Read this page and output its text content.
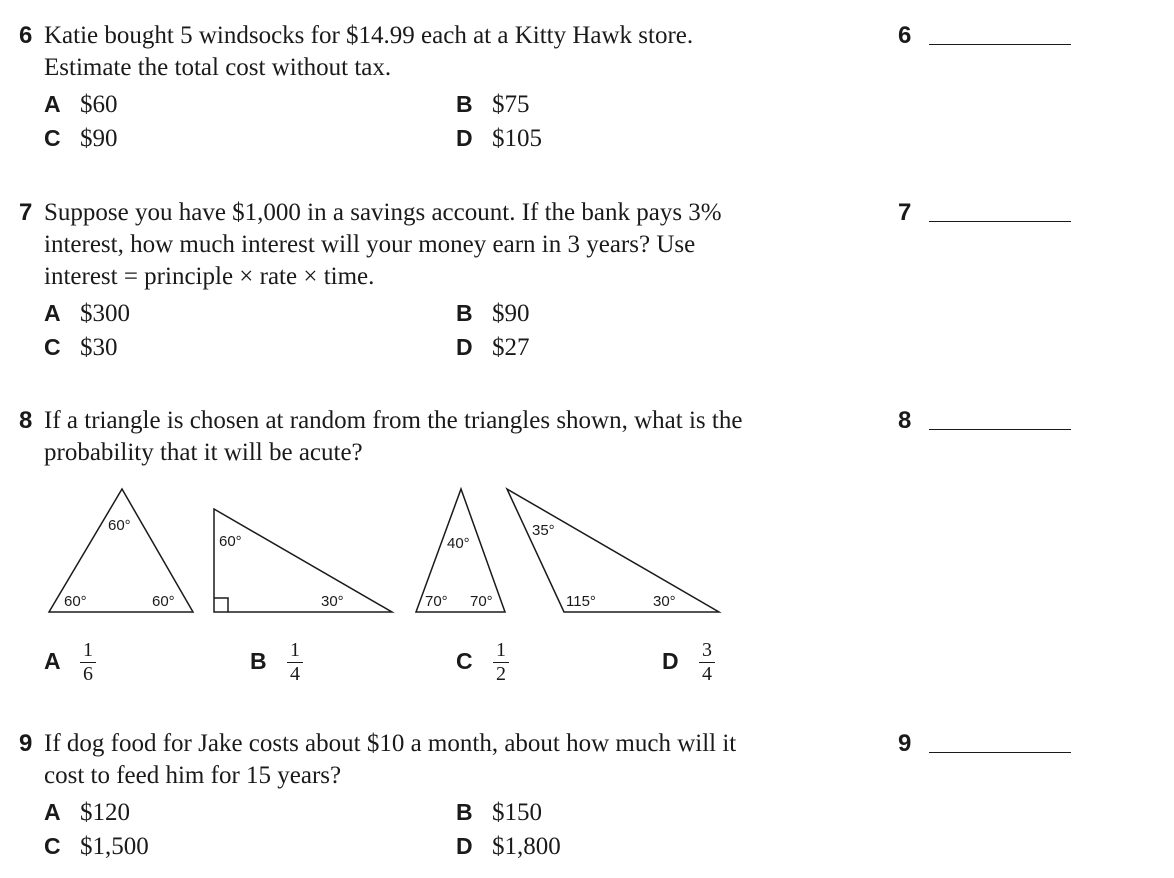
6 Katie bought 5 windsocks for $14.99 each at a Kitty Hawk store.
Estimate the total cost without tax.
A $60	B $75
C $90	D $105
6
7 Suppose you have $1,000 in a savings account. If the bank pays 3%
interest, how much interest will your money earn in 3 years? Use
interest = principle × rate × time.
A $300	B $90
C $30	D $27
7
8 If a triangle is chosen at random from the triangles shown, what is the
probability that it will be acute?
8
60°
60°	60°
60°
30°
40°
70° 70°
35°
115°	30°
A	1
6	B	1
4	C	1
2	D	3
4
9 If dog food for Jake costs about $10 a month, about how much will it
cost to feed him for 15 years?
A $120	B $150
C $1,500	D $1,800
9
